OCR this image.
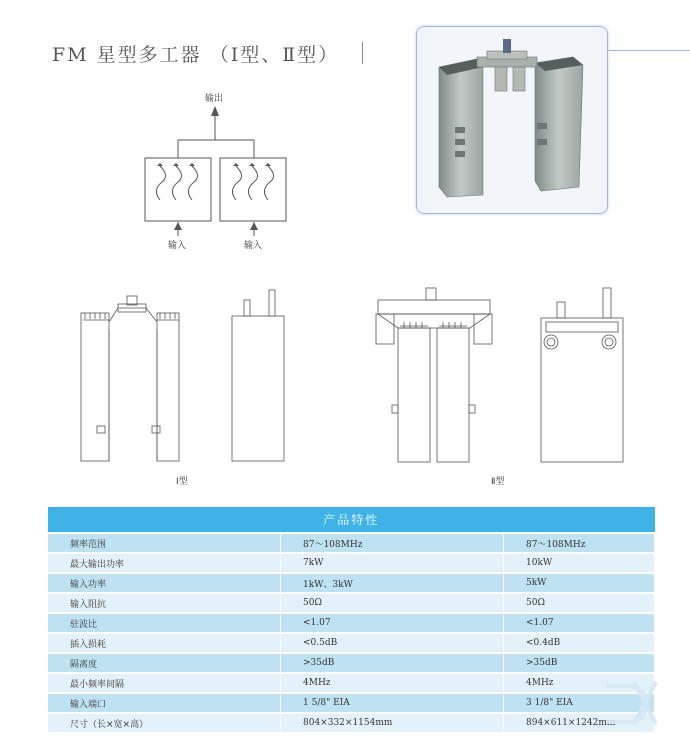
FM 星型多工器 （Ⅰ型、Ⅱ型）
输出
输入	输入
Ⅰ型	Ⅱ型
产品特性		
频率范围	87～108MHz	87～108MHz
最大输出功率	7kW	10kW
输入功率	1kW、3kW	5kW
输入阻抗	50Ω	50Ω
驻波比	<1.07	<1.07
插入损耗	<0.5dB	<0.4dB
隔离度	>35dB	>35dB
最小频率间隔	4MHz	4MHz
输入端口	1 5/8" EIA	3 1/8" EIA
尺寸（长×宽×高）	804×332×1154mm	894×611×1242mm
